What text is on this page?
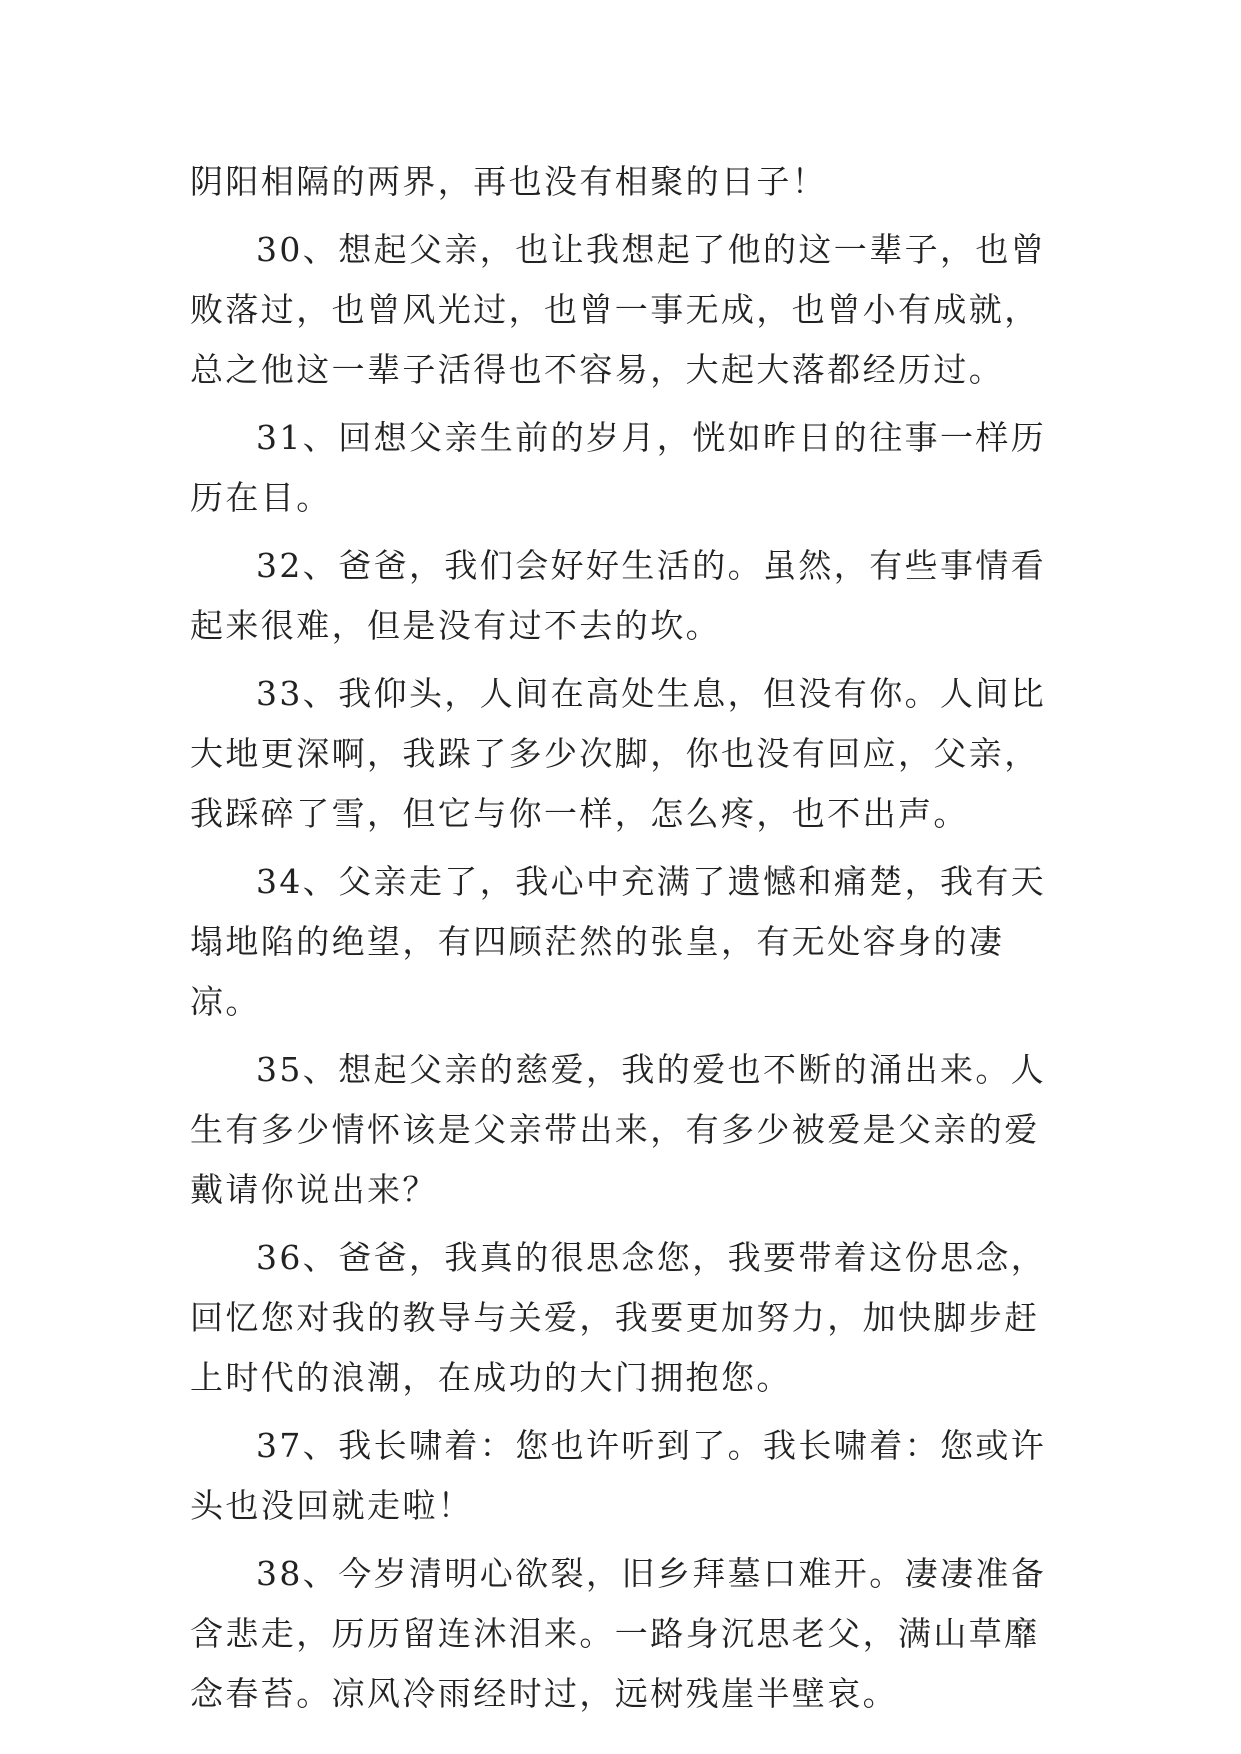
阴阳相隔的两界，再也没有相聚的日子！

30、想起父亲，也让我想起了他的这一辈子，也曾败落过，也曾风光过，也曾一事无成，也曾小有成就，总之他这一辈子活得也不容易，大起大落都经历过。

31、回想父亲生前的岁月，恍如昨日的往事一样历历在目。

32、爸爸，我们会好好生活的。虽然，有些事情看起来很难，但是没有过不去的坎。

33、我仰头，人间在高处生息，但没有你。人间比大地更深啊，我跺了多少次脚，你也没有回应，父亲，我踩碎了雪，但它与你一样，怎么疼，也不出声。

34、父亲走了，我心中充满了遗憾和痛楚，我有天塌地陷的绝望，有四顾茫然的张皇，有无处容身的凄凉。

35、想起父亲的慈爱，我的爱也不断的涌出来。人生有多少情怀该是父亲带出来，有多少被爱是父亲的爱戴请你说出来？

36、爸爸，我真的很思念您，我要带着这份思念，回忆您对我的教导与关爱，我要更加努力，加快脚步赶上时代的浪潮，在成功的大门拥抱您。

37、我长啸着：您也许听到了。我长啸着：您或许头也没回就走啦！

38、今岁清明心欲裂，旧乡拜墓口难开。凄凄准备含悲走，历历留连沐泪来。一路身沉思老父，满山草靡念春苔。凉风冷雨经时过，远树残崖半壁哀。
